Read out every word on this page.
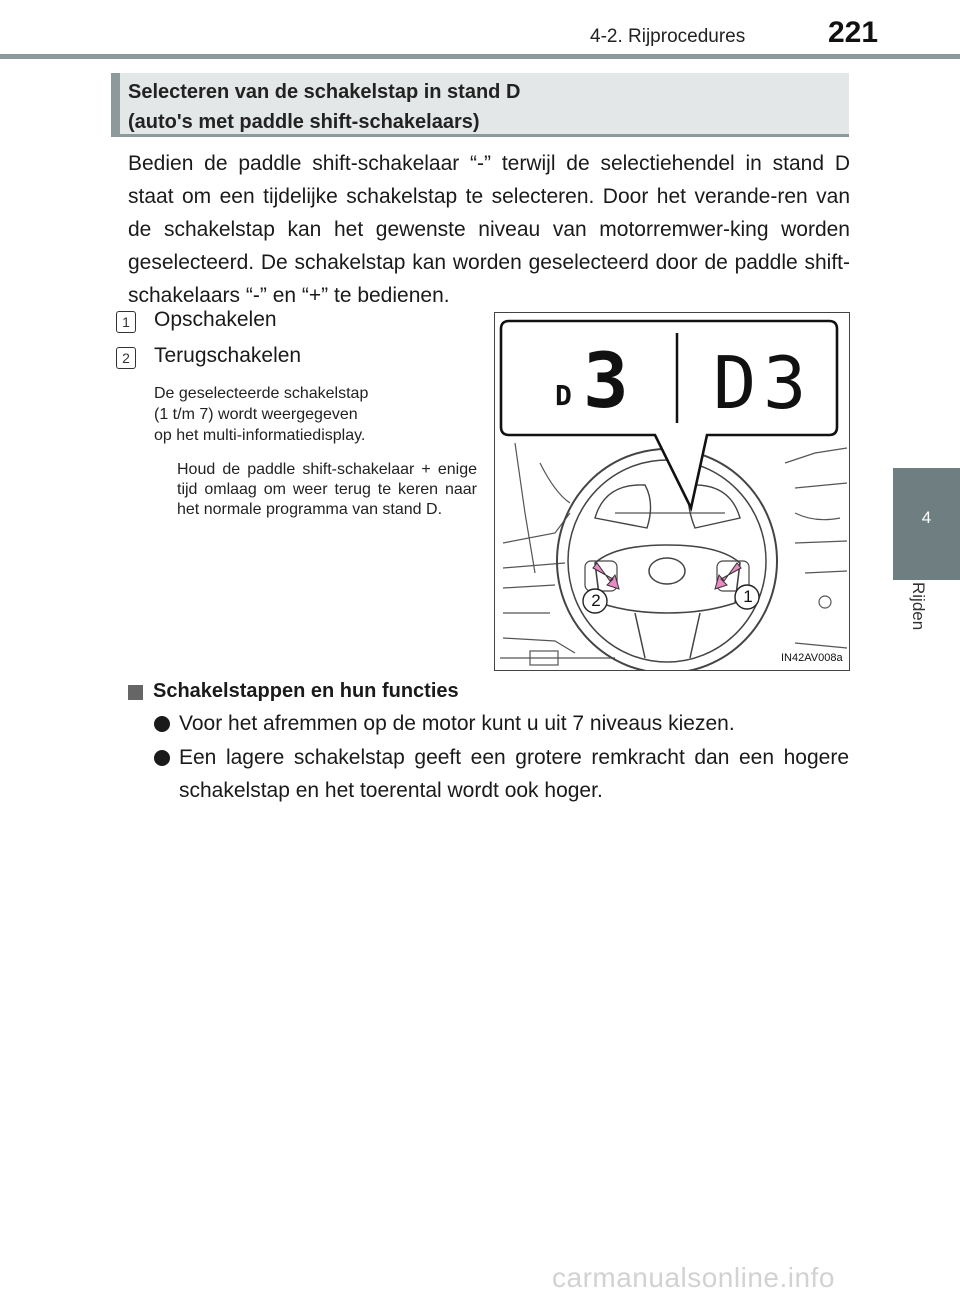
4-2. Rijprocedures	221
4
Rijden
Selecteren van de schakelstap in stand D
(auto's met paddle shift-schakelaars)
Bedien de paddle shift-schakelaar “-” terwijl de selectiehendel in stand D staat om een tijdelijke schakelstap te selecteren. Door het verande-ren van de schakelstap kan het gewenste niveau van motorremwer-king worden geselecteerd. De schakelstap kan worden geselecteerd door de paddle shift-schakelaars “-” en “+” te bedienen.
1 Opschakelen
2 Terugschakelen
De geselecteerde schakelstap
(1 t/m 7) wordt weergegeven
op het multi-informatiedisplay.
Houd de paddle shift-schakelaar + enige tijd omlaag om weer terug te keren naar het normale programma van stand D.
D 3 D 3
2	1
IN42AV008a
Schakelstappen en hun functies
Voor het afremmen op de motor kunt u uit 7 niveaus kiezen.
Een lagere schakelstap geeft een grotere remkracht dan een hogere schakelstap en het toerental wordt ook hoger.
carmanualsonline.info
